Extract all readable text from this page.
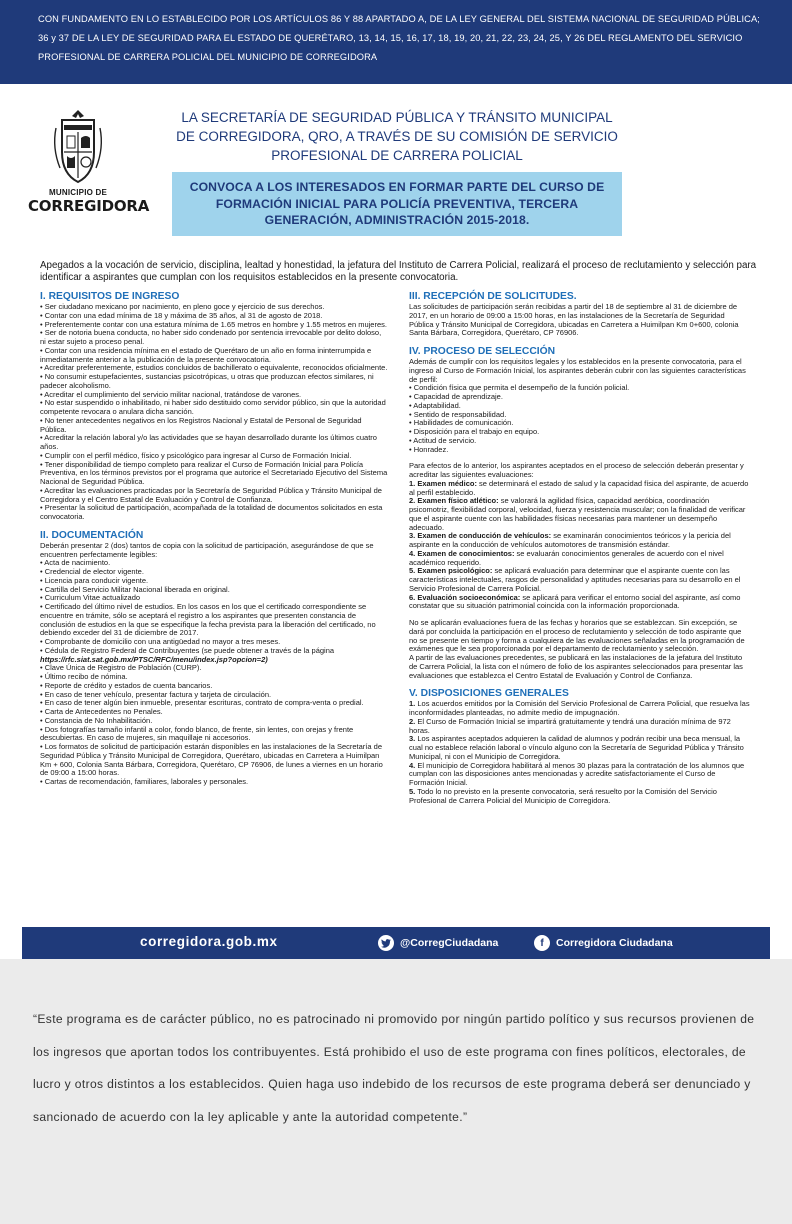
CON FUNDAMENTO EN LO ESTABLECIDO POR LOS ARTÍCULOS 86 Y 88 APARTADO A, DE LA LEY GENERAL DEL SISTEMA NACIONAL DE SEGURIDAD PÚBLICA; 36 y 37 DE LA LEY DE SEGURIDAD PARA EL ESTADO DE QUERÉTARO, 13, 14, 15, 16, 17, 18, 19, 20, 21, 22, 23, 24, 25, Y 26 DEL REGLAMENTO DEL SERVICIO PROFESIONAL DE CARRERA POLICIAL DEL MUNICIPIO DE CORREGIDORA

MUNICIPIO DE
CORREGIDORA
LA SECRETARÍA DE SEGURIDAD PÚBLICA Y TRÁNSITO MUNICIPAL DE CORREGIDORA, QRO, A TRAVÉS DE SU COMISIÓN DE SERVICIO PROFESIONAL DE CARRERA POLICIAL

CONVOCA A LOS INTERESADOS EN FORMAR PARTE DEL CURSO DE FORMACIÓN INICIAL PARA POLICÍA PREVENTIVA, TERCERA GENERACIÓN, ADMINISTRACIÓN 2015-2018.

Apegados a la vocación de servicio, disciplina, lealtad y honestidad, la jefatura del Instituto de Carrera Policial, realizará el proceso de reclutamiento y selección para identificar a aspirantes que cumplan con los requisitos establecidos en la presente convocatoria.

I. REQUISITOS DE INGRESO

• Ser ciudadano mexicano por nacimiento, en pleno goce y ejercicio de sus derechos.

• Contar con una edad mínima de 18 y máxima de 35 años, al 31 de agosto de 2018.

• Preferentemente contar con una estatura mínima de 1.65 metros en hombre y 1.55 metros en mujeres.

• Ser de notoria buena conducta, no haber sido condenado por sentencia irrevocable por delito doloso, ni estar sujeto a proceso penal.

• Contar con una residencia mínima en el estado de Querétaro de un año en forma ininterrumpida e inmediatamente anterior a la publicación de la presente convocatoria.

• Acreditar preferentemente, estudios concluidos de bachillerato o equivalente, reconocidos oficialmente.

• No consumir estupefacientes, sustancias psicotrópicas, u otras que produzcan efectos similares, ni padecer alcoholismo.

• Acreditar el cumplimiento del servicio militar nacional, tratándose de varones.

• No estar suspendido o inhabilitado, ni haber sido destituido como servidor público, sin que la autoridad competente revocara o anulara dicha sanción.

• No tener antecedentes negativos en los Registros Nacional y Estatal de Personal de Seguridad Pública.

• Acreditar la relación laboral y/o las actividades que se hayan desarrollado durante los últimos cuatro años.

• Cumplir con el perfil médico, físico y psicológico para ingresar al Curso de Formación Inicial.

• Tener disponibilidad de tiempo completo para realizar el Curso de Formación Inicial para Policía Preventiva, en los términos previstos por el programa que autorice el Secretariado Ejecutivo del Sistema Nacional de Seguridad Pública.

• Acreditar las evaluaciones practicadas por la Secretaría de Seguridad Pública y Tránsito Municipal de Corregidora y el Centro Estatal de Evaluación y Control de Confianza.

• Presentar la solicitud de participación, acompañada de la totalidad de documentos solicitados en esta convocatoria.

II. DOCUMENTACIÓN

Deberán presentar 2 (dos) tantos de copia con la solicitud de participación, asegurándose de que se encuentren perfectamente legibles:

• Acta de nacimiento.

• Credencial de elector vigente.

• Licencia para conducir vigente.

• Cartilla del Servicio Militar Nacional liberada en original.

• Curriculum Vitae actualizado

• Certificado del último nivel de estudios. En los casos en los que el certificado correspondiente se encuentre en trámite, sólo se aceptará el registro a los aspirantes que presenten constancia de conclusión de estudios en la que se especifique la fecha prevista para la liberación del certificado, no debiendo exceder del 31 de diciembre de 2017.

• Comprobante de domicilio con una antigüedad no mayor a tres meses.

• Cédula de Registro Federal de Contribuyentes (se puede obtener a través de la página

https://rfc.siat.sat.gob.mx/PTSC/RFC/menu/index.jsp?opcion=2)

• Clave Única de Registro de Población (CURP).

• Último recibo de nómina.

• Reporte de crédito y estados de cuenta bancarios.

• En caso de tener vehículo, presentar factura y tarjeta de circulación.

• En caso de tener algún bien inmueble, presentar escrituras, contrato de compra-venta o predial.

• Carta de Antecedentes no Penales.

• Constancia de No Inhabilitación.

• Dos fotografías tamaño infantil a color, fondo blanco, de frente, sin lentes, con orejas y frente descubiertas. En caso de mujeres, sin maquillaje ni accesorios.

• Los formatos de solicitud de participación estarán disponibles en las instalaciones de la Secretaría de Seguridad Pública y Tránsito Municipal de Corregidora, Querétaro, ubicadas en Carretera a Huimilpan Km + 600, Colonia Santa Bárbara, Corregidora, Querétaro, CP 76906, de lunes a viernes en un horario de 09:00 a 15:00 horas.

• Cartas de recomendación, familiares, laborales y personales.

III. RECEPCIÓN DE SOLICITUDES.

Las solicitudes de participación serán recibidas a partir del 18 de septiembre al 31 de diciembre de 2017, en un horario de 09:00 a 15:00 horas, en las instalaciones de la Secretaría de Seguridad Pública y Tránsito Municipal de Corregidora, ubicadas en Carretera a Huimilpan Km 0+600, colonia Santa Bárbara, Corregidora, Querétaro, CP 76906.

IV. PROCESO DE SELECCIÓN

Además de cumplir con los requisitos legales y los establecidos en la presente convocatoria, para el ingreso al Curso de Formación Inicial, los aspirantes deberán cubrir con las siguientes características de perfil:

• Condición física que permita el desempeño de la función policial.

• Capacidad de aprendizaje.

• Adaptabilidad.

• Sentido de responsabilidad.

• Habilidades de comunicación.

• Disposición para el trabajo en equipo.

• Actitud de servicio.

• Honradez.

Para efectos de lo anterior, los aspirantes aceptados en el proceso de selección deberán presentar y acreditar las siguientes evaluaciones:

1. Examen médico: se determinará el estado de salud y la capacidad física del aspirante, de acuerdo al perfil establecido.

2. Examen físico atlético: se valorará la agilidad física, capacidad aeróbica, coordinación psicomotriz, flexibilidad corporal, velocidad, fuerza y resistencia muscular; con la finalidad de verificar que el aspirante cuente con las habilidades físicas necesarias para mantener un desempeño adecuado.

3. Examen de conducción de vehículos: se examinarán conocimientos teóricos y la pericia del aspirante en la conducción de vehículos automotores de transmisión estándar.

4. Examen de conocimientos: se evaluarán conocimientos generales de acuerdo con el nivel académico requerido.

5. Examen psicológico: se aplicará evaluación para determinar que el aspirante cuente con las características intelectuales, rasgos de personalidad y aptitudes necesarias para su desarrollo en el Servicio Profesional de Carrera Policial.

6. Evaluación socioeconómica: se aplicará para verificar el entorno social del aspirante, así como constatar que su situación patrimonial coincida con la información proporcionada.

No se aplicarán evaluaciones fuera de las fechas y horarios que se establezcan. Sin excepción, se dará por concluida la participación en el proceso de reclutamiento y selección de todo aspirante que no se presente en tiempo y forma a cualquiera de las evaluaciones señaladas en la programación de exámenes que le sea proporcionada por el departamento de reclutamiento y selección.

A partir de las evaluaciones precedentes, se publicará en las instalaciones de la jefatura del Instituto de Carrera Policial, la lista con el número de folio de los aspirantes seleccionados para presentar las evaluaciones que establezca el Centro Estatal de Evaluación y Control de Confianza.

V. DISPOSICIONES GENERALES

1. Los acuerdos emitidos por la Comisión del Servicio Profesional de Carrera Policial, que resuelva las inconformidades planteadas, no admite medio de impugnación.

2. El Curso de Formación Inicial se impartirá gratuitamente y tendrá una duración mínima de 972 horas.

3. Los aspirantes aceptados adquieren la calidad de alumnos y podrán recibir una beca mensual, la cual no establece relación laboral o vínculo alguno con la Secretaría de Seguridad Pública y Tránsito Municipal, ni con el Municipio de Corregidora.

4. El municipio de Corregidora habilitará al menos 30 plazas para la contratación de los alumnos que cumplan con las disposiciones antes mencionadas y acredite satisfactoriamente el Curso de Formación Inicial.

5. Todo lo no previsto en la presente convocatoria, será resuelto por la Comisión del Servicio Profesional de Carrera Policial del Municipio de Corregidora.

corregidora.gob.mx	@CorregCiudadana	f	Corregidora Ciudadana

“Este programa es de carácter público, no es patrocinado ni promovido por ningún partido político y sus recursos provienen de los ingresos que aportan todos los contribuyentes. Está prohibido el uso de este programa con fines políticos, electorales, de lucro y otros distintos a los establecidos. Quien haga uso indebido de los recursos de este programa deberá ser denunciado y sancionado de acuerdo con la ley aplicable y ante la autoridad competente.”
